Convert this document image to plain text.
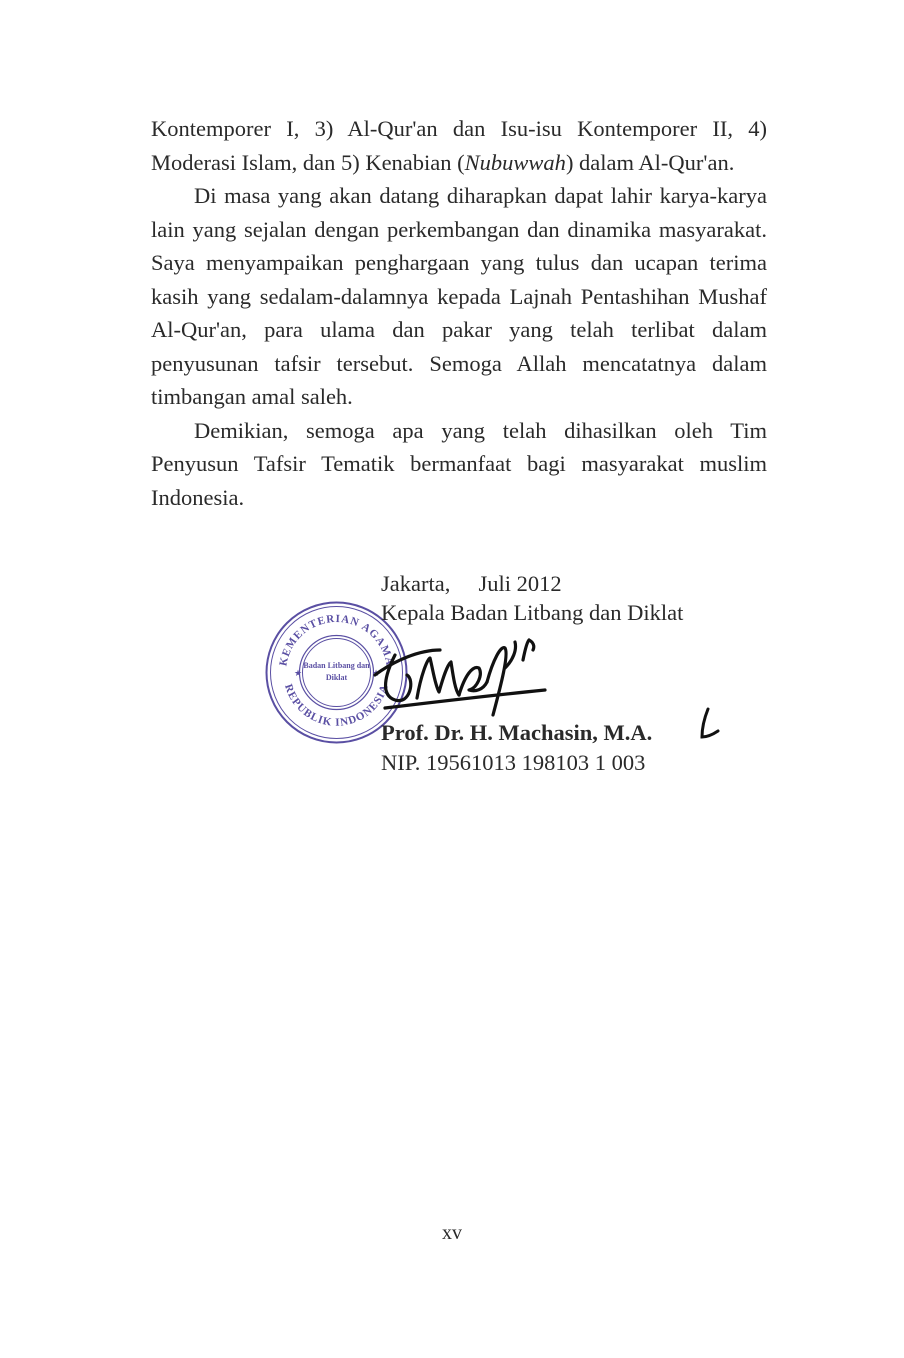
Kontemporer I, 3) Al-Qur'an dan Isu-isu Kontemporer II, 4) Moderasi Islam, dan 5) Kenabian (Nubuwwah) dalam Al-Qur'an.

Di masa yang akan datang diharapkan dapat lahir karya-karya lain yang sejalan dengan perkembangan dan dinamika masyarakat. Saya menyampaikan penghargaan yang tulus dan ucapan terima kasih yang sedalam-dalamnya kepada Lajnah Pentashihan Mushaf Al-Qur'an, para ulama dan pakar yang telah terlibat dalam penyusunan tafsir tersebut. Semoga Allah mencatatnya dalam timbangan amal saleh.

Demikian, semoga apa yang telah dihasilkan oleh Tim Penyusun Tafsir Tematik bermanfaat bagi masyarakat muslim Indonesia.

KEMENTERIAN AGAMA
REPUBLIK INDONESIA
Badan Litbang dan
Diklat
★	★
Jakarta,     Juli 2012
Kepala Badan Litbang dan Diklat
Prof. Dr. H. Machasin, M.A.
NIP. 19561013 198103 1 003
xv
